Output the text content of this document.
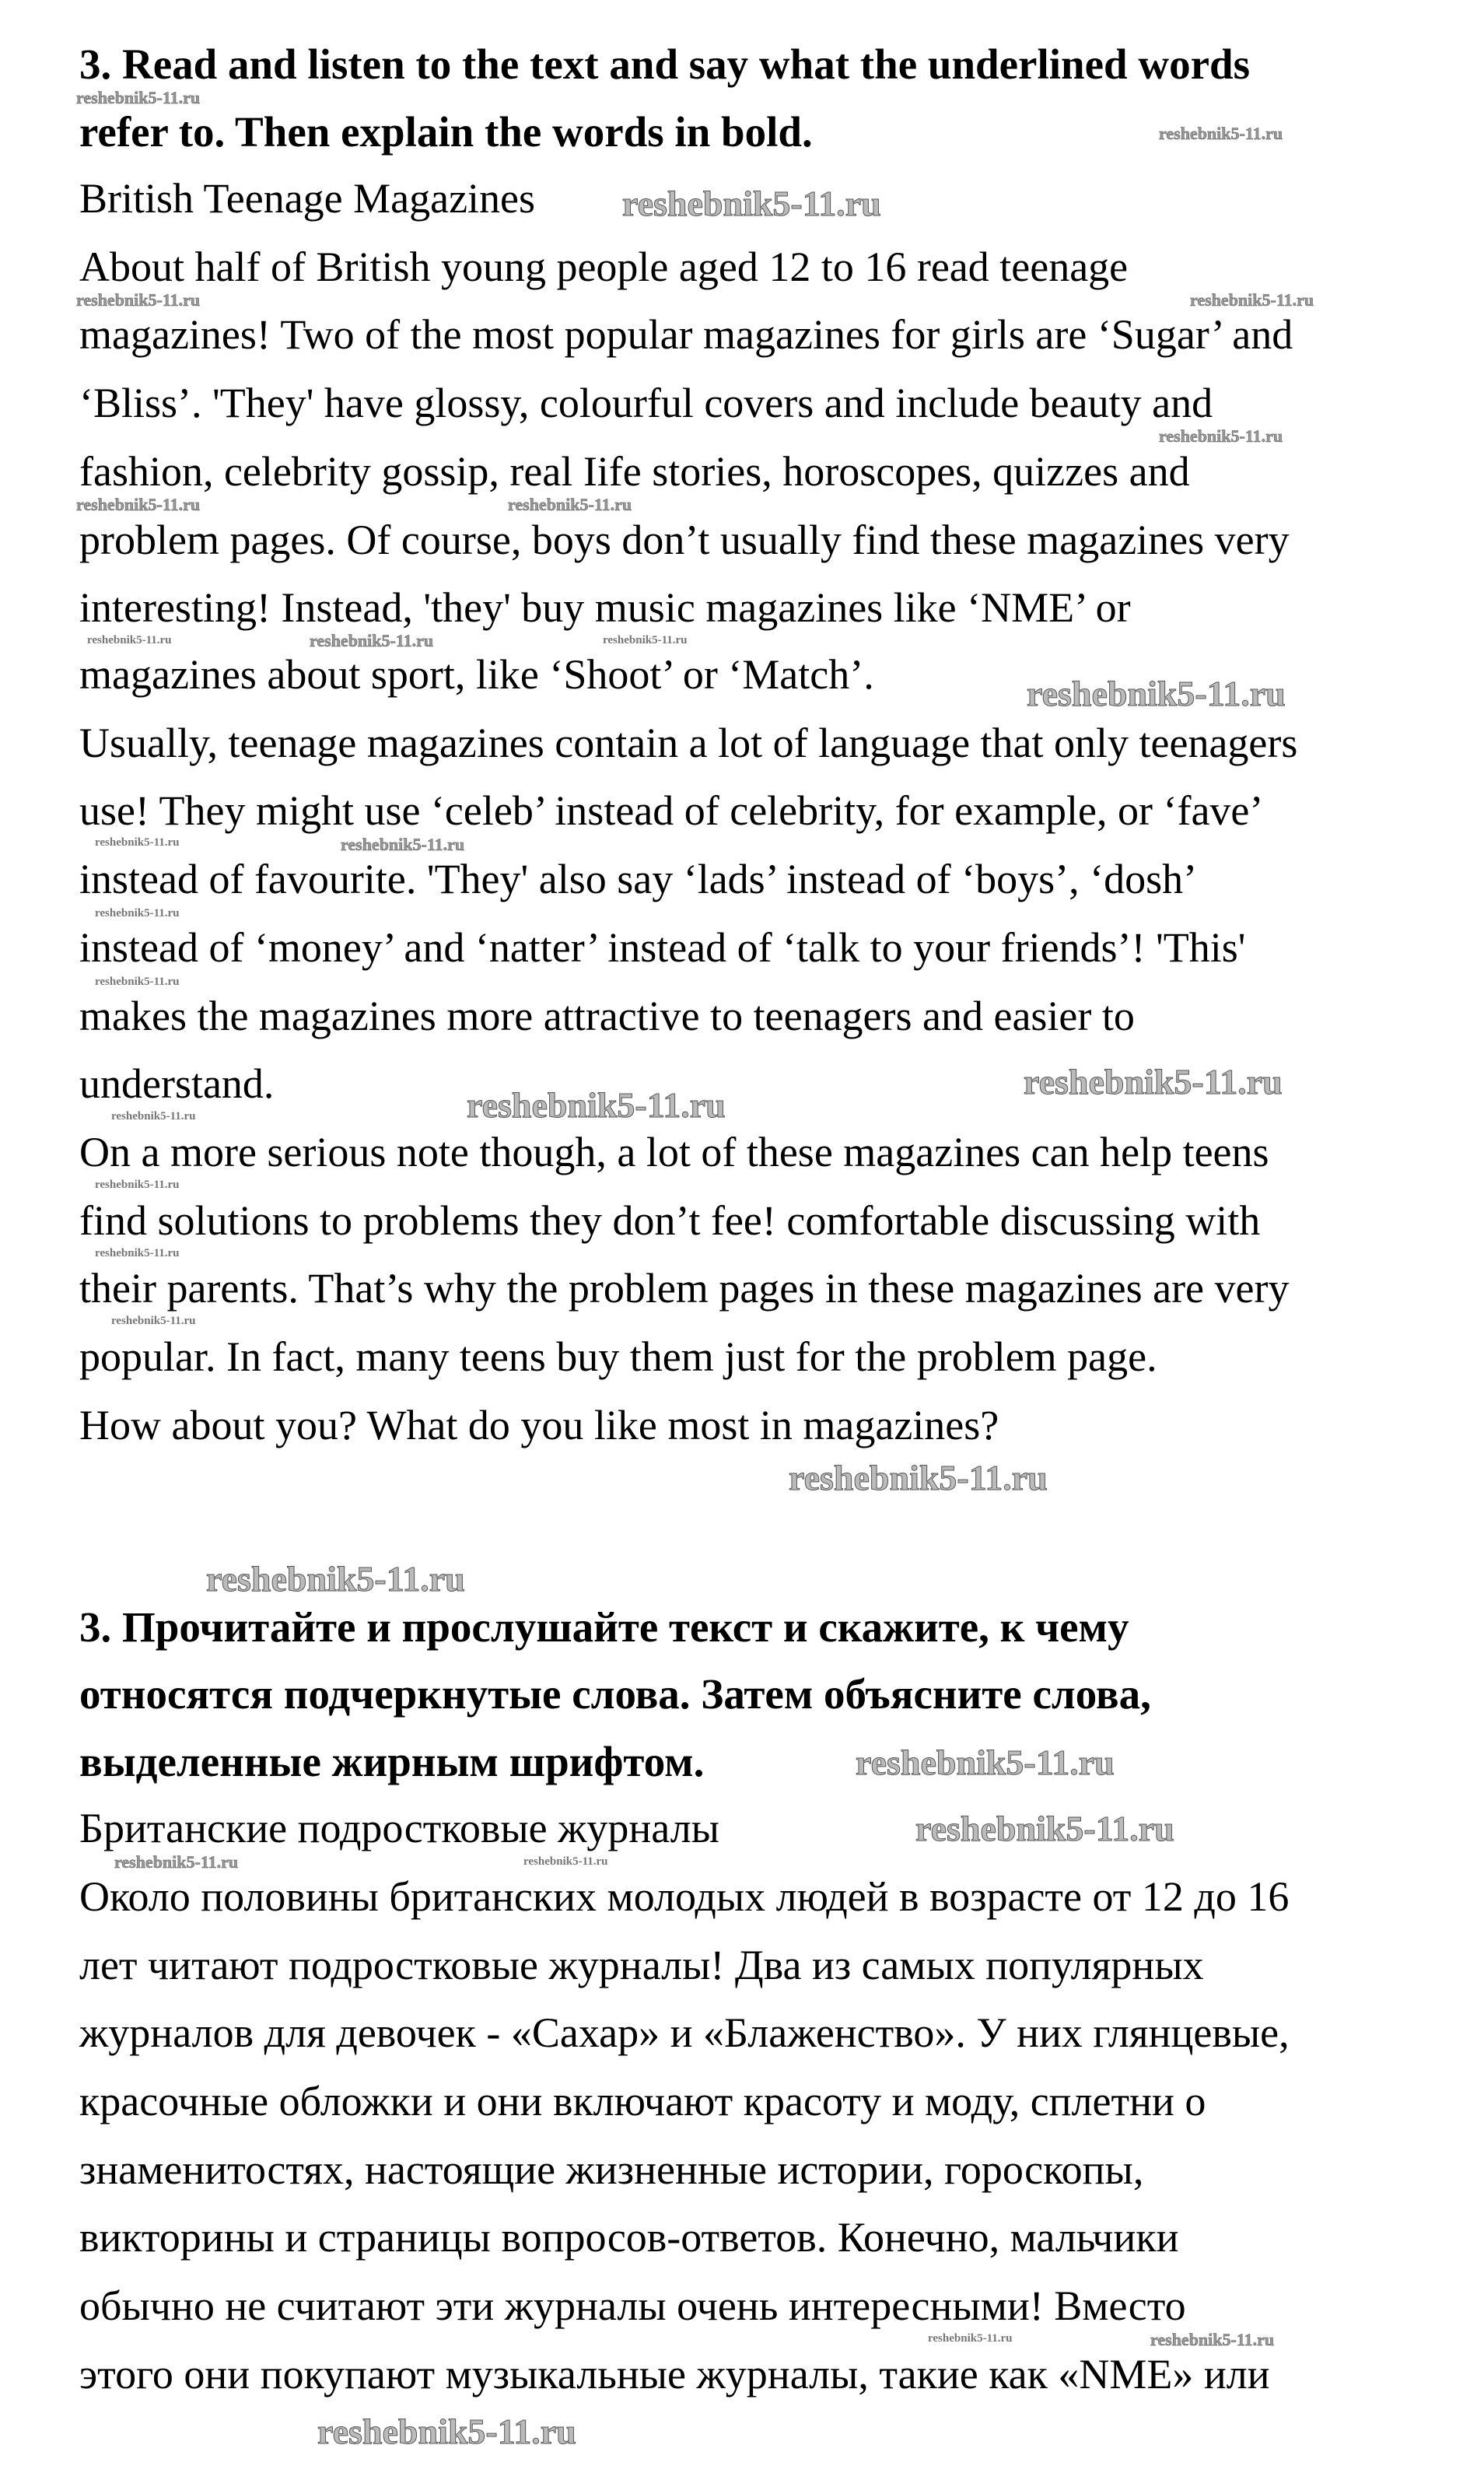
3. Read and listen to the text and say what the underlined words
refer to. Then explain the words in bold.
British Teenage Magazines
About half of British young people aged 12 to 16 read teenage
magazines! Two of the most popular magazines for girls are ‘Sugar’ and
‘Bliss’. 'They' have glossy, colourful covers and include beauty and
fashion, celebrity gossip, real Iife stories, horoscopes, quizzes and
problem pages. Of course, boys don’t usually find these magazines very
interesting! Instead, 'they' buy music magazines like ‘NME’ or
magazines about sport, like ‘Shoot’ or ‘Match’.
Usually, teenage magazines contain a lot of language that only teenagers
use! They might use ‘celeb’ instead of celebrity, for example, or ‘fave’
instead of favourite. 'They' also say ‘lads’ instead of ‘boys’, ‘dosh’
instead of ‘money’ and ‘natter’ instead of ‘talk to your friends’! 'This'
makes the magazines more attractive to teenagers and easier to
understand.
On a more serious note though, a lot of these magazines can help teens
find solutions to problems they don’t fee! comfortable discussing with
their parents. That’s why the problem pages in these magazines are very
popular. In fact, many teens buy them just for the problem page.
How about you? What do you like most in magazines?
3. Прочитайте и прослушайте текст и скажите, к чему
относятся подчеркнутые слова. Затем объясните слова,
выделенные жирным шрифтом.
Британские подростковые журналы
Около половины британских молодых людей в возрасте от 12 до 16
лет читают подростковые журналы! Два из самых популярных
журналов для девочек - «Сахар» и «Блаженство». У них глянцевые,
красочные обложки и они включают красоту и моду, сплетни о
знаменитостях, настоящие жизненные истории, гороскопы,
викторины и страницы вопросов-ответов. Конечно, мальчики
обычно не считают эти журналы очень интересными! Вместо
этого они покупают музыкальные журналы, такие как «NME» или
reshebnik5-11.ru
reshebnik5-11.ru
reshebnik5-11.ru
reshebnik5-11.ru	reshebnik5-11.ru
reshebnik5-11.ru
reshebnik5-11.ru	reshebnik5-11.ru
reshebnik5-11.ru	reshebnik5-11.ru
reshebnik5-11.ru
reshebnik5-11.ru
reshebnik5-11.ru	reshebnik5-11.ru
reshebnik5-11.ru
reshebnik5-11.ru
reshebnik5-11.ru
reshebnik5-11.ru	reshebnik5-11.ru
reshebnik5-11.ru
reshebnik5-11.ru
reshebnik5-11.ru
reshebnik5-11.ru
reshebnik5-11.ru
reshebnik5-11.ru
reshebnik5-11.ru	reshebnik5-11.ru
reshebnik5-11.ru
reshebnik5-11.ru
reshebnik5-11.ru	reshebnik5-11.ru
